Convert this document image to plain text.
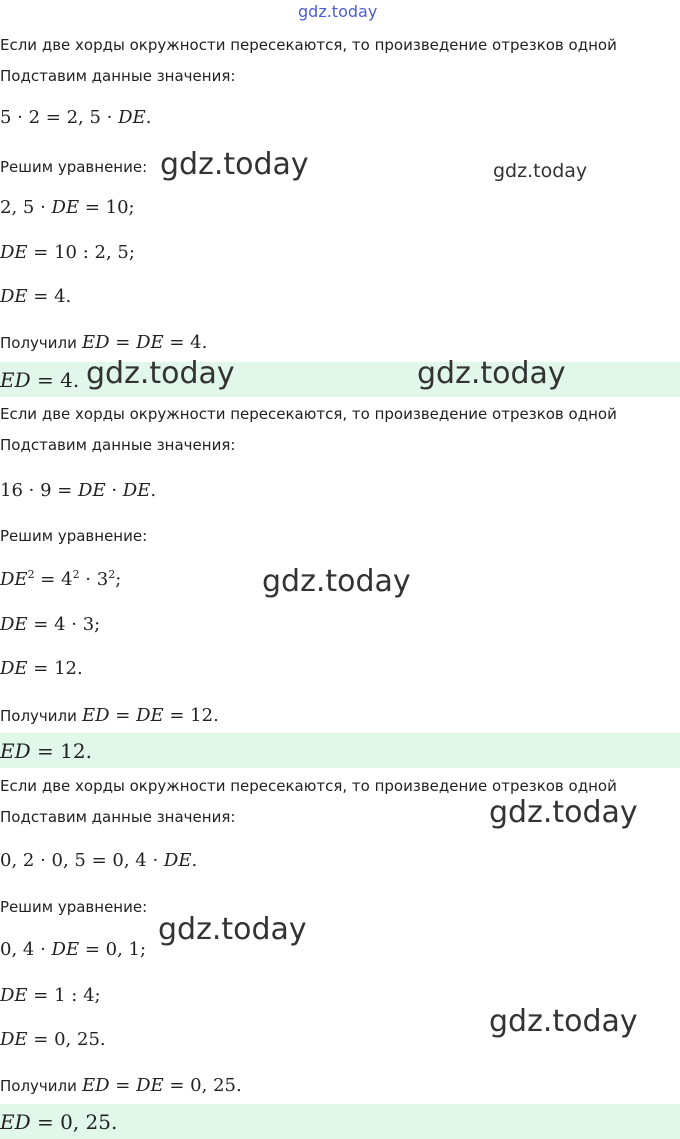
gdz.today
Если две хорды окружности пересекаются, то произведение отрезков одной
Подставим данные значения:
5 · 2 = 2, 5 · DE.
Решим уравнение:
2, 5 · DE = 10;
DE = 10 : 2, 5;
DE = 4.
Получили ED = DE = 4.
ED = 4.
Если две хорды окружности пересекаются, то произведение отрезков одной
Подставим данные значения:
16 · 9 = DE · DE.
Решим уравнение:
$DE^2 = 4^2 \cdot 3^2$;
DE = 4 · 3;
DE = 12.
Получили ED = DE = 12.
ED = 12.
Если две хорды окружности пересекаются, то произведение отрезков одной
Подставим данные значения:
0, 2 · 0, 5 = 0, 4 · DE.
Решим уравнение:
0, 4 · DE = 0, 1;
DE = 1 : 4;
DE = 0, 25.
Получили ED = DE = 0, 25.
ED = 0, 25.
gdz.today	gdz.today
gdz.today	gdz.today
gdz.today
gdz.today
gdz.today
gdz.today
